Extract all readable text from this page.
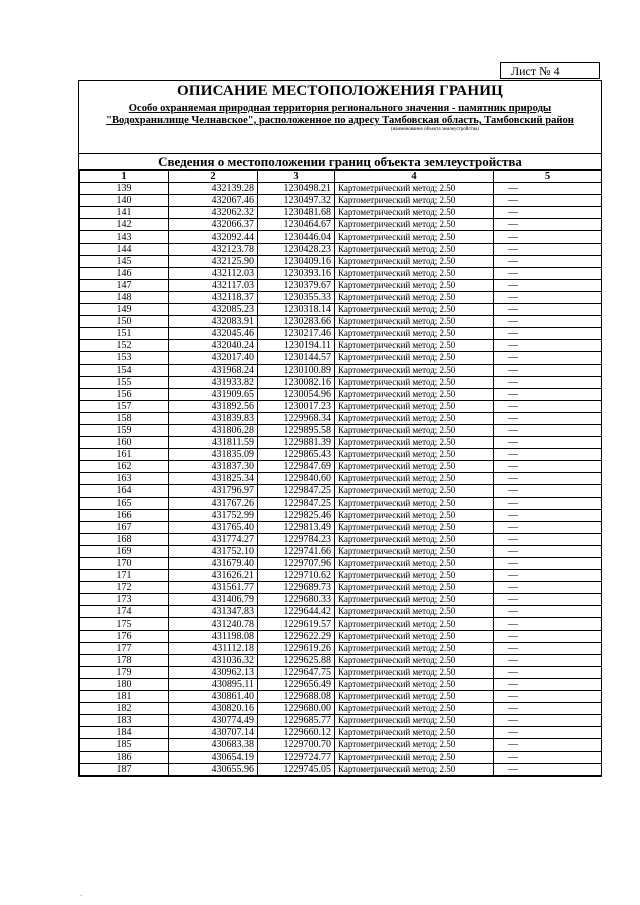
Лист № 4
ОПИСАНИЕ МЕСТОПОЛОЖЕНИЯ ГРАНИЦ
Особо охраняемая природная территория регионального значения - памятник природы
"Водохранилище Челнавское", расположенное по адресу Тамбовская область, Тамбовский район
(наименование объекта землеустройства)
Сведения о местоположении границ объекта землеустройства
1	2	3	4	5
139	432139.28	1230498.21	Картометрический метод; 2.50	—
140	432067.46	1230497.32	Картометрический метод; 2.50	—
141	432062.32	1230481.68	Картометрический метод; 2.50	—
142	432066.37	1230464.67	Картометрический метод; 2.50	—
143	432092.44	1230446.04	Картометрический метод; 2.50	—
144	432123.78	1230428.23	Картометрический метод; 2.50	—
145	432125.90	1230409.16	Картометрический метод; 2.50	—
146	432112.03	1230393.16	Картометрический метод; 2.50	—
147	432117.03	1230379.67	Картометрический метод; 2.50	—
148	432118.37	1230355.33	Картометрический метод; 2.50	—
149	432085.23	1230318.14	Картометрический метод; 2.50	—
150	432083.91	1230283.66	Картометрический метод; 2.50	—
151	432045.46	1230217.46	Картометрический метод; 2.50	—
152	432040.24	1230194.11	Картометрический метод; 2.50	—
153	432017.40	1230144.57	Картометрический метод; 2.50	—
154	431968.24	1230100.89	Картометрический метод; 2.50	—
155	431933.82	1230082.16	Картометрический метод; 2.50	—
156	431909.65	1230054.96	Картометрический метод; 2.50	—
157	431892.56	1230017.23	Картометрический метод; 2.50	—
158	431839.83	1229968.34	Картометрический метод; 2.50	—
159	431806.28	1229895.58	Картометрический метод; 2.50	—
160	431811.59	1229881.39	Картометрический метод; 2.50	—
161	431835.09	1229865.43	Картометрический метод; 2.50	—
162	431837.30	1229847.69	Картометрический метод; 2.50	—
163	431825.34	1229840.60	Картометрический метод; 2.50	—
164	431796.97	1229847.25	Картометрический метод; 2.50	—
165	431767.26	1229847.25	Картометрический метод; 2.50	—
166	431752.99	1229825.46	Картометрический метод; 2.50	—
167	431765.40	1229813.49	Картометрический метод; 2.50	—
168	431774.27	1229784.23	Картометрический метод; 2.50	—
169	431752.10	1229741.66	Картометрический метод; 2.50	—
170	431679.40	1229707.96	Картометрический метод; 2.50	—
171	431626.21	1229710.62	Картометрический метод; 2.50	—
172	431561.77	1229689.73	Картометрический метод; 2.50	—
173	431406.79	1229680.33	Картометрический метод; 2.50	—
174	431347.83	1229644.42	Картометрический метод; 2.50	—
175	431240.78	1229619.57	Картометрический метод; 2.50	—
176	431198.08	1229622.29	Картометрический метод; 2.50	—
177	431112.18	1229619.26	Картометрический метод; 2.50	—
178	431036.32	1229625.88	Картометрический метод; 2.50	—
179	430962.13	1229647.75	Картометрический метод; 2.50	—
180	430895.11	1229656.49	Картометрический метод; 2.50	—
181	430861.40	1229688.08	Картометрический метод; 2.50	—
182	430820.16	1229680.00	Картометрический метод; 2.50	—
183	430774.49	1229685.77	Картометрический метод; 2.50	—
184	430707.14	1229660.12	Картометрический метод; 2.50	—
185	430683.38	1229700.70	Картометрический метод; 2.50	—
186	430654.19	1229724.77	Картометрический метод; 2.50	—
187	430655.96	1229745.05	Картометрический метод; 2.50	—
.
